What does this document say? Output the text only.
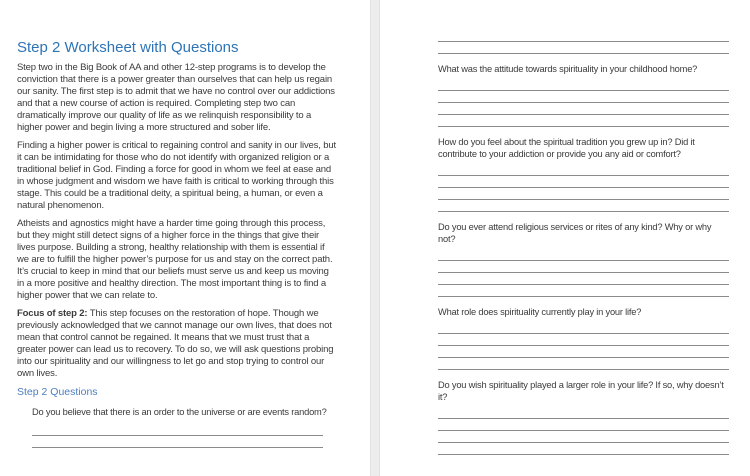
Step 2 Worksheet with Questions

Step two in the Big Book of AA and other 12-step programs is to develop the conviction that there is a power greater than ourselves that can help us regain our sanity. The first step is to admit that we have no control over our addictions and that a new course of action is required. Completing step two can dramatically improve our quality of life as we relinquish responsibility to a higher power and begin living a more structured and sober life.

Finding a higher power is critical to regaining control and sanity in our lives, but it can be intimidating for those who do not identify with organized religion or a traditional belief in God. Finding a force for good in whom we feel at ease and in whose judgment and wisdom we have faith is critical to working through this stage. This could be a traditional deity, a spiritual being, a human, or even a natural phenomenon.

Atheists and agnostics might have a harder time going through this process, but they might still detect signs of a higher force in the things that give their lives purpose. Building a strong, healthy relationship with them is essential if we are to fulfill the higher power’s purpose for us and stay on the correct path. It’s crucial to keep in mind that our beliefs must serve us and keep us moving in a more positive and healthy direction. The most important thing is to find a higher power that we can relate to.

Focus of step 2: This step focuses on the restoration of hope. Though we previously acknowledged that we cannot manage our own lives, that does not mean that control cannot be regained. It means that we must trust that a greater power can lead us to recovery. To do so, we will ask questions probing into our spirituality and our willingness to let go and stop trying to control our own lives.

Step 2 Questions
Do you believe that there is an order to the universe or are events random?
What was the attitude towards spirituality in your childhood home?
How do you feel about the spiritual tradition you grew up in? Did it contribute to your addiction or provide you any aid or comfort?
Do you ever attend religious services or rites of any kind? Why or why not?
What role does spirituality currently play in your life?
Do you wish spirituality played a larger role in your life? If so, why doesn’t it?
